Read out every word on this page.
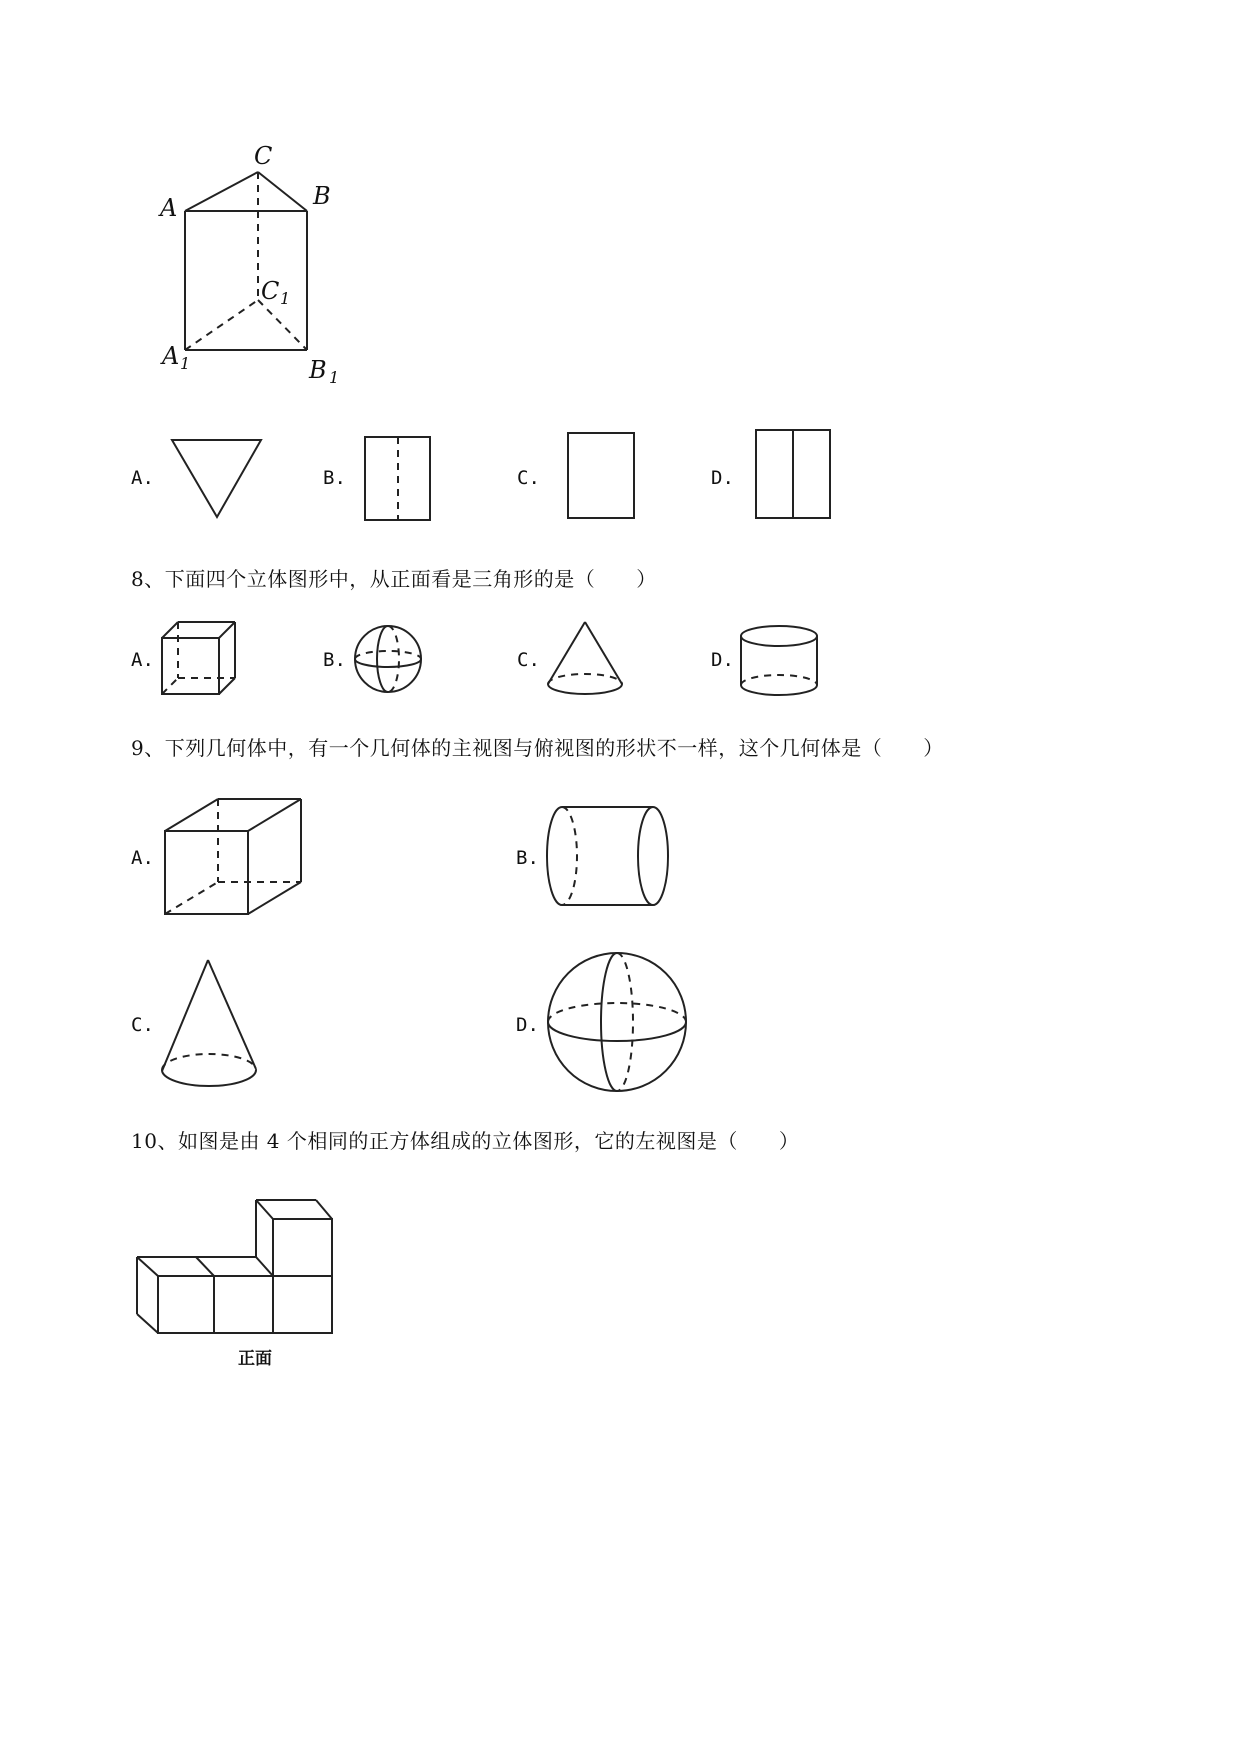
C
A	B
C 1
A 1	B 1
A.	B.	C.	D.
8、下面四个立体图形中，从正面看是三角形的是（　　）
A.	B.	C.	D.
9、下列几何体中，有一个几何体的主视图与俯视图的形状不一样，这个几何体是（　　）
A.	B.
C.	D.
10、如图是由 4 个相同的正方体组成的立体图形，它的左视图是（　　）
正面
